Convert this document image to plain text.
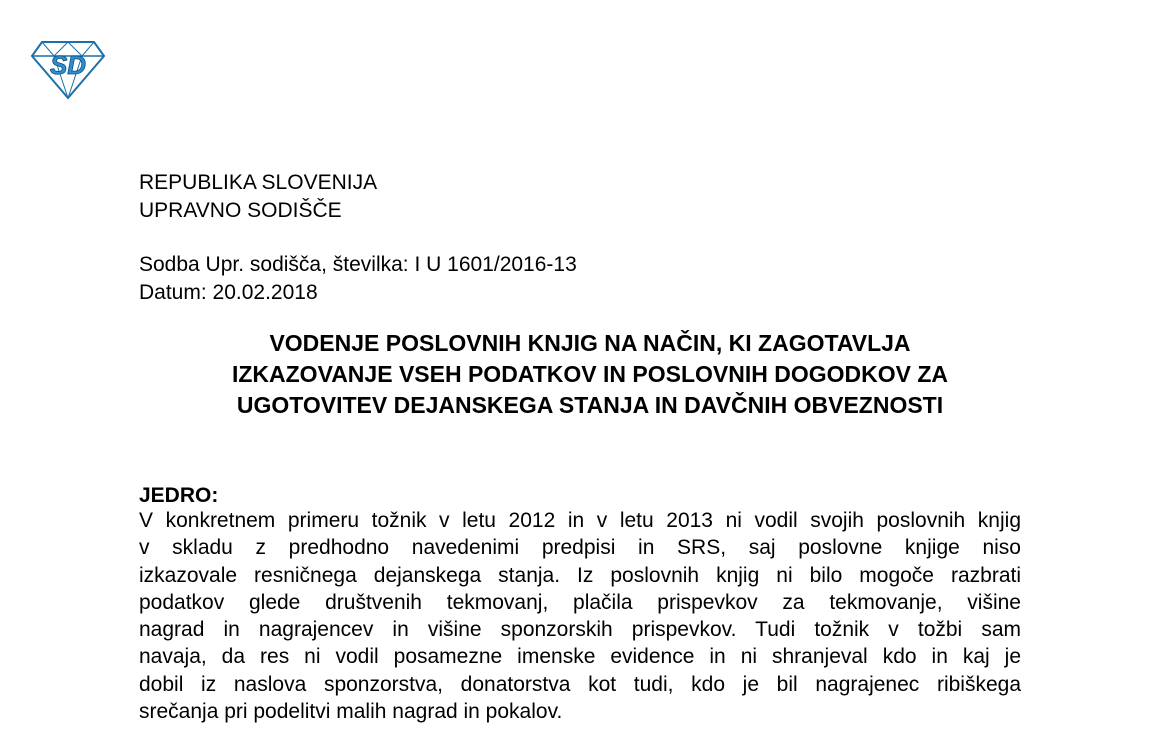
SD
REPUBLIKA SLOVENIJA
UPRAVNO SODIŠČE
Sodba Upr. sodišča, številka: I U 1601/2016-13
Datum: 20.02.2018
VODENJE POSLOVNIH KNJIG NA NAČIN, KI ZAGOTAVLJA
IZKAZOVANJE VSEH PODATKOV IN POSLOVNIH DOGODKOV ZA
UGOTOVITEV DEJANSKEGA STANJA IN DAVČNIH OBVEZNOSTI
JEDRO:
V konkretnem primeru tožnik v letu 2012 in v letu 2013 ni vodil svojih poslovnih knjig
v skladu z predhodno navedenimi predpisi in SRS, saj poslovne knjige niso
izkazovale resničnega dejanskega stanja. Iz poslovnih knjig ni bilo mogoče razbrati
podatkov glede društvenih tekmovanj, plačila prispevkov za tekmovanje, višine
nagrad in nagrajencev in višine sponzorskih prispevkov. Tudi tožnik v tožbi sam
navaja, da res ni vodil posamezne imenske evidence in ni shranjeval kdo in kaj je
dobil iz naslova sponzorstva, donatorstva kot tudi, kdo je bil nagrajenec ribiškega
srečanja pri podelitvi malih nagrad in pokalov.
